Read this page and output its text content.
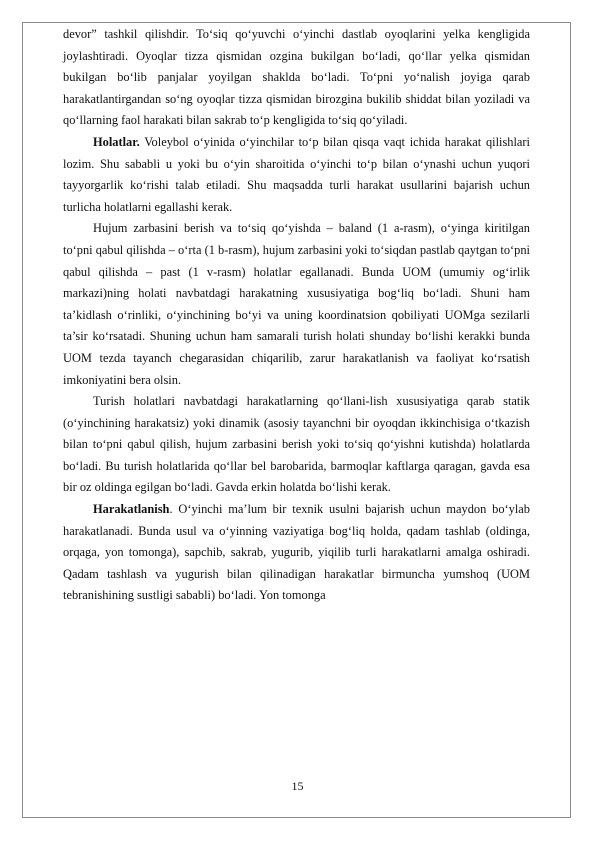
devor” tashkil qilishdir. To‘siq qo‘yuvchi o‘yinchi dastlab oyoqlarini yelka kengligida joylashtiradi. Oyoqlar tizza qismidan ozgina bukilgan bo‘ladi, qo‘llar yelka qismidan bukilgan bo‘lib panjalar yoyilgan shaklda bo‘ladi. To‘pni yo‘nalish joyiga qarab harakatlantirgandan so‘ng oyoqlar tizza qismidan birozgina bukilib shiddat bilan yoziladi va qo‘llarning faol harakati bilan sakrab to‘p kengligida to‘siq qo‘yiladi.

Holatlar. Voleybol o‘yinida o‘yinchilar to‘p bilan qisqa vaqt ichida harakat qilishlari lozim. Shu sababli u yoki bu o‘yin sharoitida o‘yinchi to‘p bilan o‘ynashi uchun yuqori tayyorgarlik ko‘rishi talab etiladi. Shu maqsadda turli harakat usullarini bajarish uchun turlicha holatlarni egallashi kerak.

Hujum zarbasini berish va to‘siq qo‘yishda – baland (1 a-rasm), o‘yinga kiritilgan to‘pni qabul qilishda – o‘rta (1 b-rasm), hujum zarbasini yoki to‘siqdan pastlab qaytgan to‘pni qabul qilishda – past (1 v-rasm) holatlar egallanadi. Bunda UOM (umumiy og‘irlik markazi)ning holati navbatdagi harakatning xususiyatiga bog‘liq bo‘ladi. Shuni ham ta’kidlash o‘rinliki, o‘yinchining bo‘yi va uning koordinatsion qobiliyati UOMga sezilarli ta’sir ko‘rsatadi. Shuning uchun ham samarali turish holati shunday bo‘lishi kerakki bunda UOM tezda tayanch chegarasidan chiqarilib, zarur harakatlanish va faoliyat ko‘rsatish imkoniyatini bera olsin.

Turish holatlari navbatdagi harakatlarning qo‘llani-lish xususiyatiga qarab statik (o‘yinchining harakatsiz) yoki dinamik (asosiy tayanchni bir oyoqdan ikkinchisiga o‘tkazish bilan to‘pni qabul qilish, hujum zarbasini berish yoki to‘siq qo‘yishni kutishda) holatlarda bo‘ladi. Bu turish holatlarida qo‘llar bel barobarida, barmoqlar kaftlarga qaragan, gavda esa bir oz oldinga egilgan bo‘ladi. Gavda erkin holatda bo‘lishi kerak.

Harakatlanish. O‘yinchi ma’lum bir texnik usulni bajarish uchun maydon bo‘ylab harakatlanadi. Bunda usul va o‘yinning vaziyatiga bog‘liq holda, qadam tashlab (oldinga, orqaga, yon tomonga), sapchib, sakrab, yugurib, yiqilib turli harakatlarni amalga oshiradi. Qadam tashlash va yugurish bilan qilinadigan harakatlar birmuncha yumshoq (UOM tebranishining sustligi sababli) bo‘ladi. Yon tomonga

15
